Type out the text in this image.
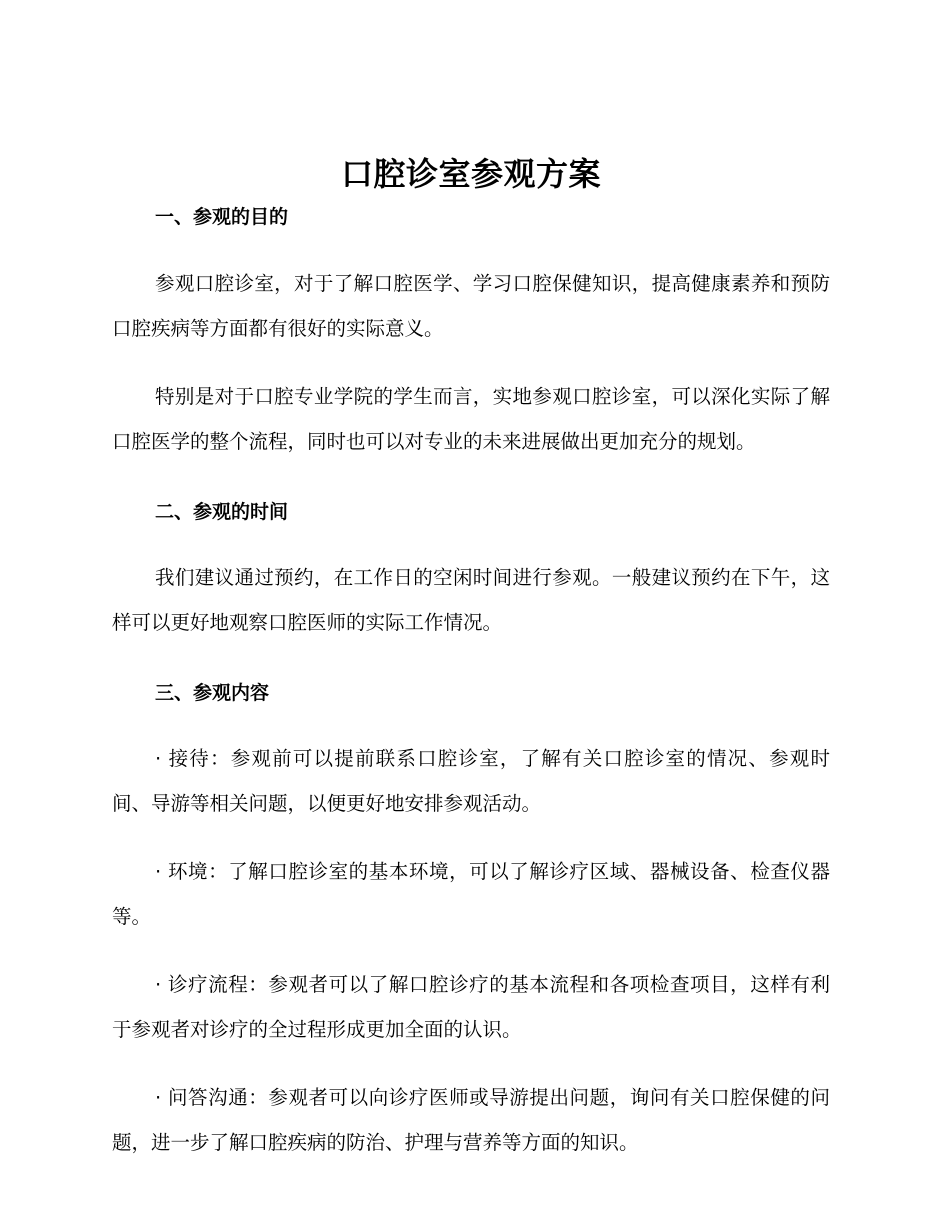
口腔诊室参观方案
一、参观的目的

参观口腔诊室，对于了解口腔医学、学习口腔保健知识，提高健康素养和预防口腔疾病等方面都有很好的实际意义。

特别是对于口腔专业学院的学生而言，实地参观口腔诊室，可以深化实际了解口腔医学的整个流程，同时也可以对专业的未来进展做出更加充分的规划。

二、参观的时间

我们建议通过预约，在工作日的空闲时间进行参观。一般建议预约在下午，这样可以更好地观察口腔医师的实际工作情况。

三、参观内容

· 接待：参观前可以提前联系口腔诊室，了解有关口腔诊室的情况、参观时间、导游等相关问题，以便更好地安排参观活动。

· 环境：了解口腔诊室的基本环境，可以了解诊疗区域、器械设备、检查仪器等。

· 诊疗流程：参观者可以了解口腔诊疗的基本流程和各项检查项目，这样有利于参观者对诊疗的全过程形成更加全面的认识。

· 问答沟通：参观者可以向诊疗医师或导游提出问题，询问有关口腔保健的问题，进一步了解口腔疾病的防治、护理与营养等方面的知识。
